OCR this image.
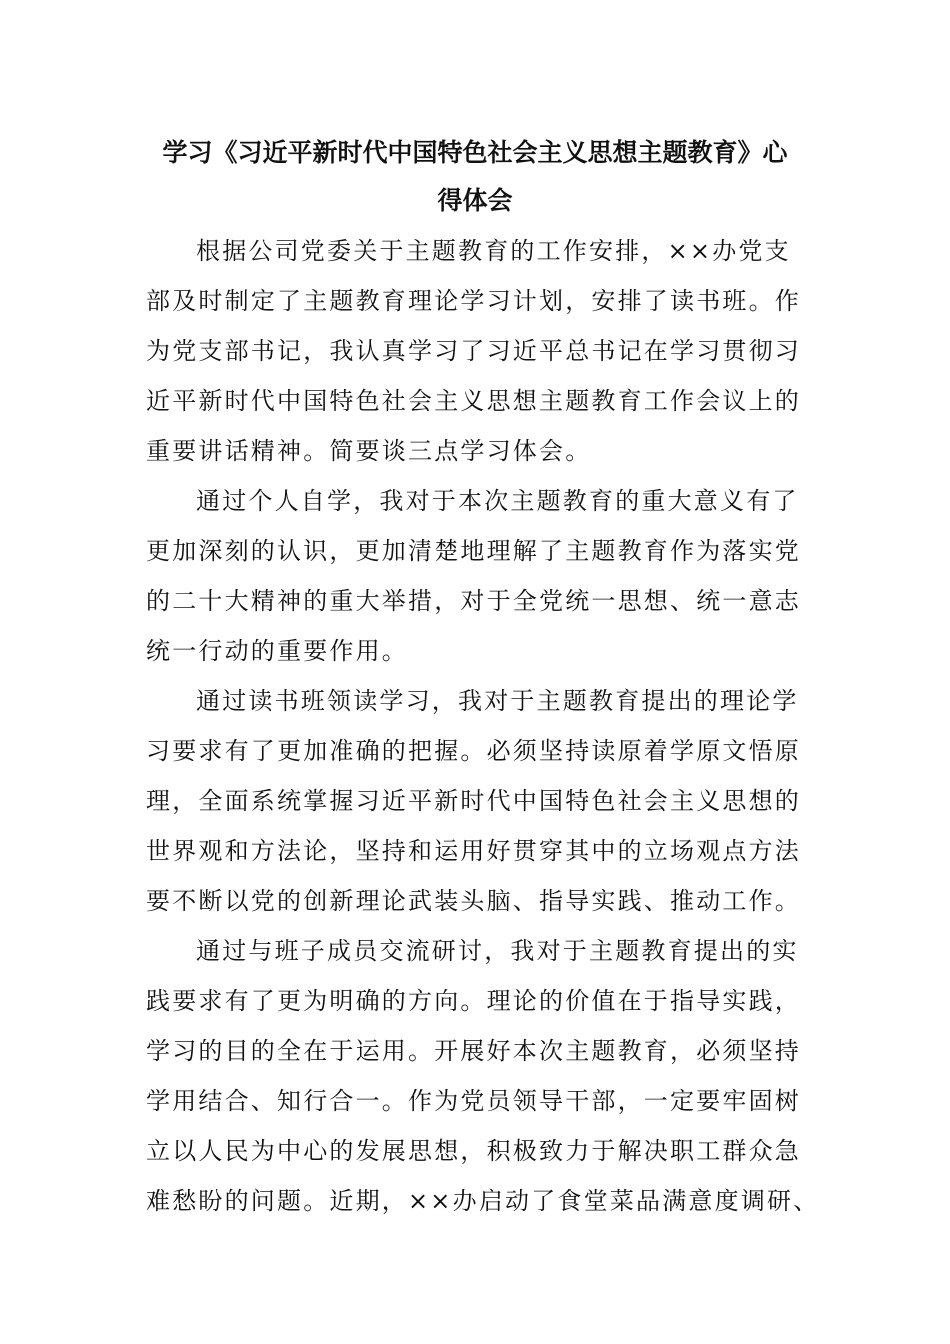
学习《习近平新时代中国特色社会主义思想主题教育》心
得体会
根据公司党委关于主题教育的工作安排，××办党支
部及时制定了主题教育理论学习计划，安排了读书班。作
为党支部书记，我认真学习了习近平总书记在学习贯彻习
近平新时代中国特色社会主义思想主题教育工作会议上的
重要讲话精神。简要谈三点学习体会。
通过个人自学，我对于本次主题教育的重大意义有了
更加深刻的认识，更加清楚地理解了主题教育作为落实党
的二十大精神的重大举措，对于全党统一思想、统一意志
统一行动的重要作用。
通过读书班领读学习，我对于主题教育提出的理论学
习要求有了更加准确的把握。必须坚持读原着学原文悟原
理，全面系统掌握习近平新时代中国特色社会主义思想的
世界观和方法论，坚持和运用好贯穿其中的立场观点方法
要不断以党的创新理论武装头脑、指导实践、推动工作。
通过与班子成员交流研讨，我对于主题教育提出的实
践要求有了更为明确的方向。理论的价值在于指导实践，
学习的目的全在于运用。开展好本次主题教育，必须坚持
学用结合、知行合一。作为党员领导干部，一定要牢固树
立以人民为中心的发展思想，积极致力于解决职工群众急
难愁盼的问题。近期，××办启动了食堂菜品满意度调研、
